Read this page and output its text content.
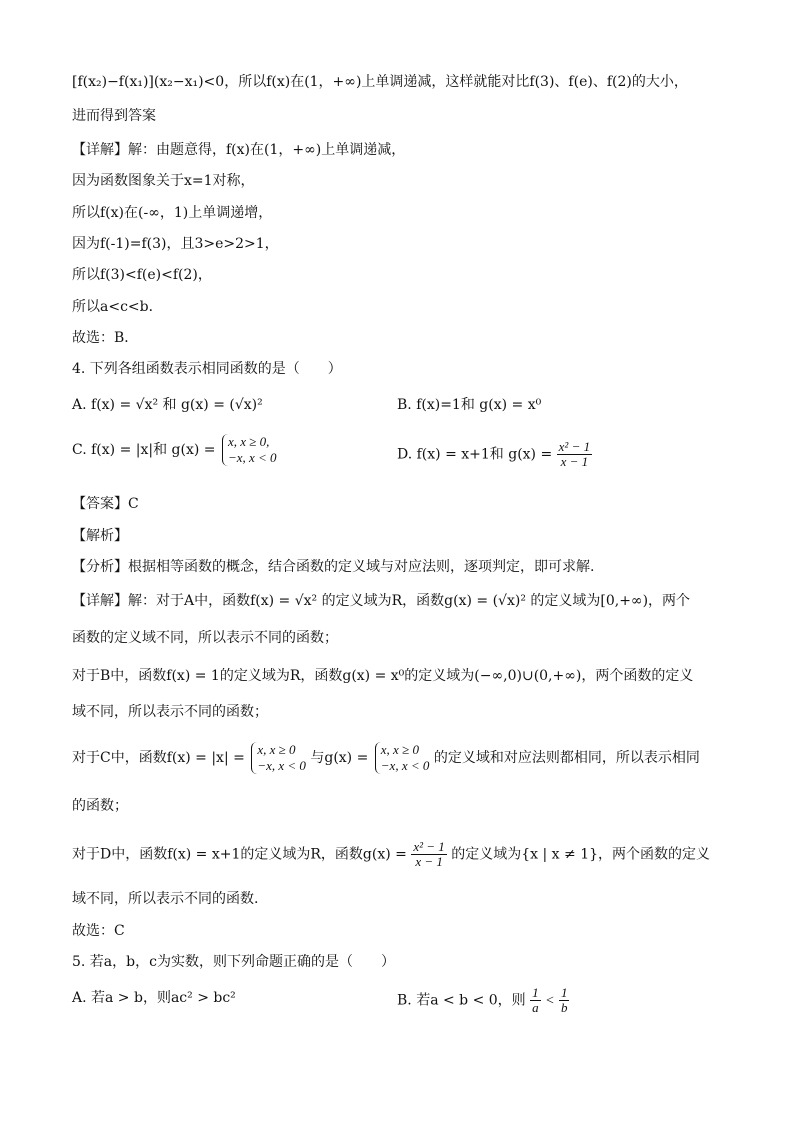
[f(x₂)−f(x₁)](x₂−x₁)<0，所以f(x)在(1，+∞)上单调递减，这样就能对比f(3)、f(e)、f(2)的大小，
进而得到答案
【详解】解：由题意得，f(x)在(1，+∞)上单调递减，
因为函数图象关于x=1对称，
所以f(x)在(-∞，1)上单调递增，
因为f(-1)=f(3)，且3>e>2>1，
所以f(3)<f(e)<f(2)，
所以a<c<b．
故选：B．
4. 下列各组函数表示相同函数的是（　　）
A. f(x) = √x² 和 g(x) = (√x)²	B. f(x)=1和 g(x) = x⁰
C. f(x) = |x|和 g(x) =
x, x ≥ 0,
−x, x < 0	D. f(x) = x+1和 $g(x) = \frac{\text{x² − 1}}{x - 1}$
【答案】C
【解析】
【分析】根据相等函数的概念，结合函数的定义域与对应法则，逐项判定，即可求解.
【详解】解：对于A中，函数f(x) = √x² 的定义域为R，函数g(x) = (√x)² 的定义域为[0,+∞)，两个
函数的定义域不同，所以表示不同的函数；
对于B中，函数f(x) = 1的定义域为R，函数g(x) = x⁰的定义域为(−∞,0)∪(0,+∞)，两个函数的定义
域不同，所以表示不同的函数；
对于C中，函数f(x) = |x| =
x, x ≥ 0
−x, x < 0 与g(x) =
x, x ≥ 0
−x, x < 0 的定义域和对应法则都相同，所以表示相同
的函数；
对于D中，函数f(x) = x+1的定义域为R，函数$g(x) = \frac{\text{x² − 1}}{x - 1}$ 的定义域为{x | x ≠ 1}，两个函数的定义
域不同，所以表示不同的函数.
故选：C
5. 若a，b，c为实数，则下列命题正确的是（　　）
A. 若a > b，则ac² > bc²	B. 若a < b < 0，则 $\frac{1}{a} < \frac{1}{b}$
